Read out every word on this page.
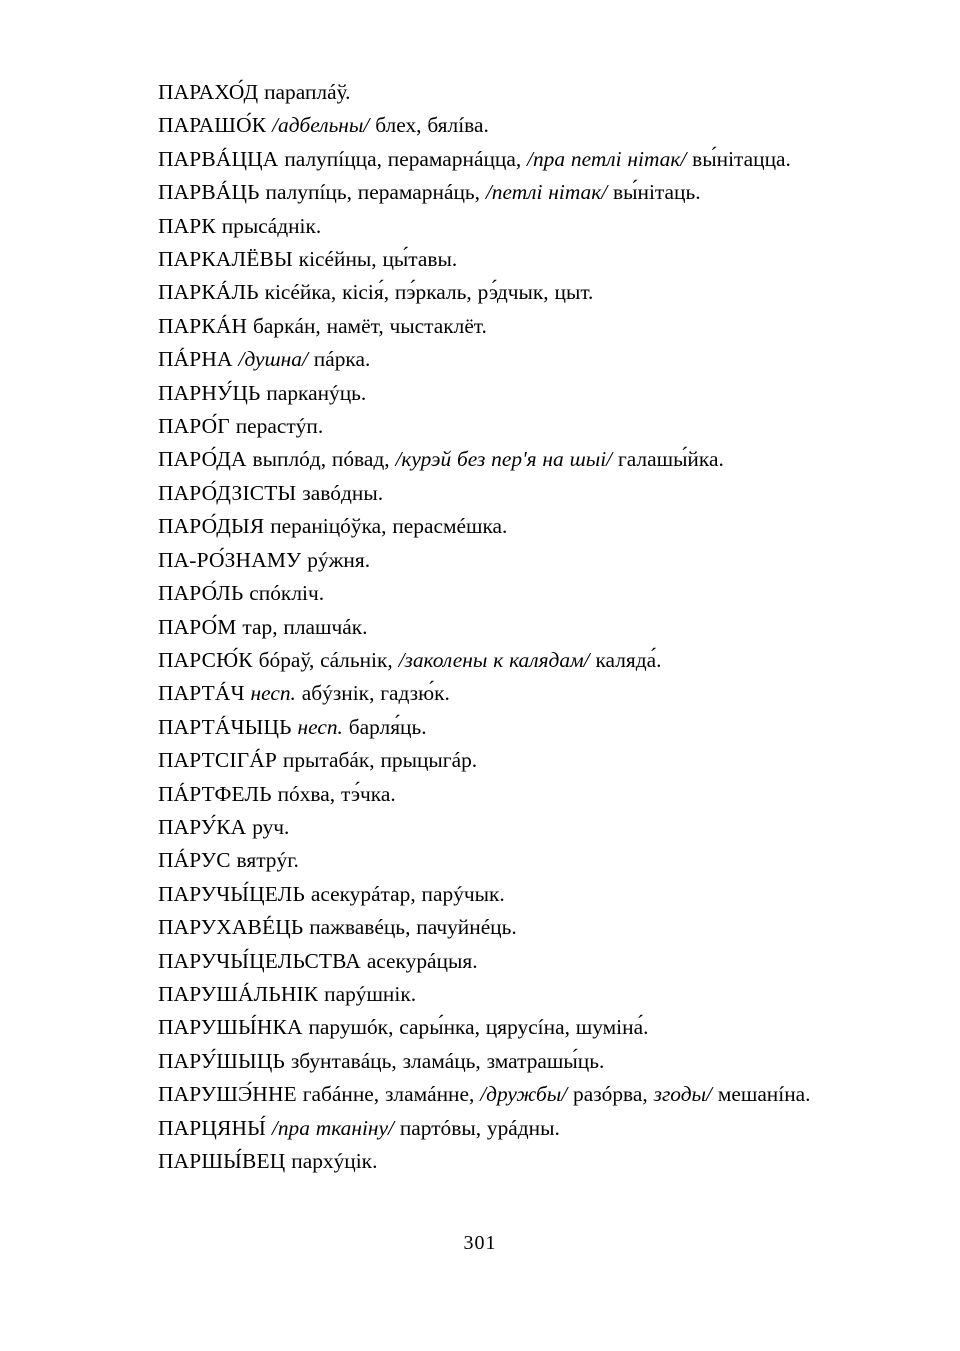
ПАРАХО́Д параплáў.

ПАРАШО́К /адбельны/ блех, бялíва.

ПАРВÁЦЦА палупíцца, перамарнáцца, /пра петлі нітак/ вы́нітацца.

ПАРВÁЦЬ палупíць, перамарнáць, /петлі нітак/ вы́нітаць.

ПАРК прысáднік.

ПАРКАЛЁВЫ кісéйны, цы́тавы.

ПАРКÁЛЬ кісéйка, кісія́, пэ́ркаль, рэ́дчык, цыт.

ПАРКÁН баркáн, намёт, чыстаклёт.

ПÁРНА /душна/ пáрка.

ПАРНУ́ЦЬ парканýць.

ПАРО́Г перастýп.

ПАРО́ДА выплóд, пóвад, /курэй без пер'я на шыі/ галашы́йка.

ПАРО́ДЗІСТЫ завóдны.

ПАРО́ДЫЯ пераніцóўка, перасмéшка.

ПА-РО́ЗНАМУ рýжня.

ПАРО́ЛЬ спóкліч.

ПАРО́М тар, плашчáк.

ПАРСЮ́К бóраў, сáльнік, /заколены к калядам/ каляда́.

ПАРТÁЧ несп. абýзнік, гадзю́к.

ПАРТÁЧЫЦЬ несп. барля́ць.

ПАРТСІГÁР прытабáк, прыцыгáр.

ПÁРТФЕЛЬ пóхва, тэ́чка.

ПАРУ́КА руч.

ПÁРУС вятрýг.

ПАРУЧЫ́ЦЕЛЬ асекурáтар, парýчык.

ПАРУХАВÉЦЬ пажвавéць, пачуйнéць.

ПАРУЧЫ́ЦЕЛЬСТВА асекурáцыя.

ПАРУШÁЛЬНІК парýшнік.

ПАРУШЫ́НКА парушóк, сары́нка, цярусíна, шуміна́.

ПАРУ́ШЫЦЬ збунтавáць, зламáць, зматрашы́ць.

ПАРУШЭ́ННЕ габáнне, зламáнне, /дружбы/ разóрва, згоды/ мешанíна.

ПАРЦЯНЫ́ /пра тканіну/ партóвы, урáдны.

ПАРШЫ́ВЕЦ пархýцік.

301
